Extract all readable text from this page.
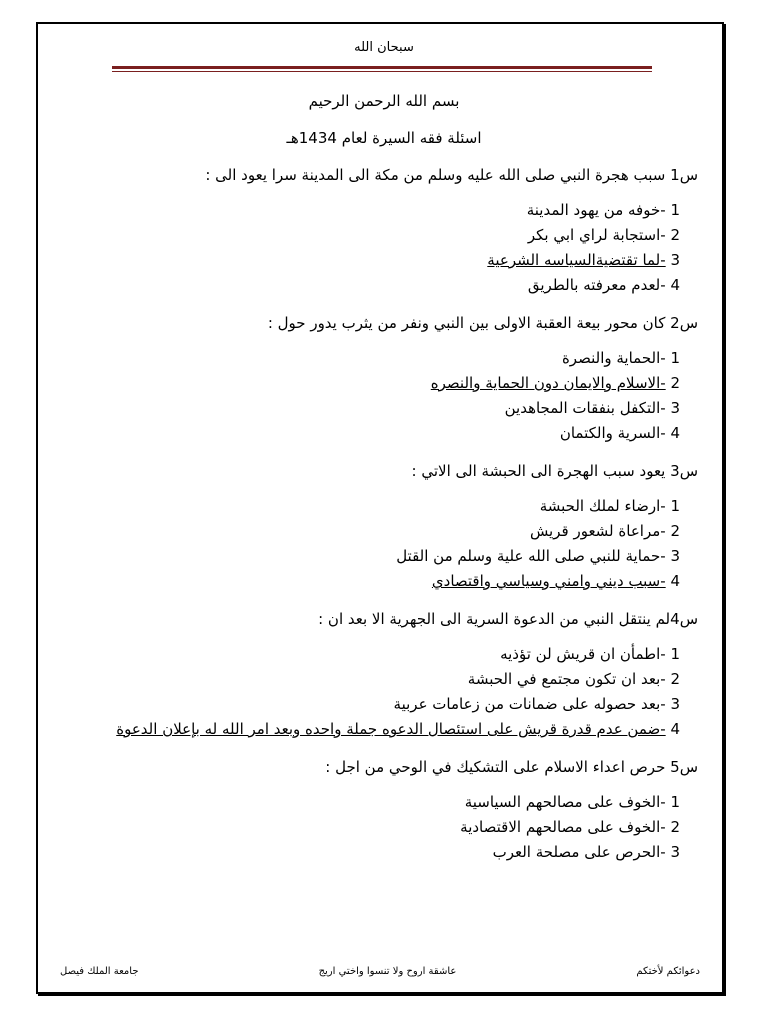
سبحان الله
بسم الله الرحمن الرحيم
اسئلة فقه السيرة لعام 1434هـ
س1 سبب هجرة النبي صلى الله عليه وسلم من مكة الى المدينة سرا يعود الى :
1 -خوفه من يهود المدينة
2 -استجابة لراي ابي بكر
3 -لما تقتضيةالسياسه الشرعية
4 -لعدم معرفته بالطريق
س2 كان محور بيعة العقبة الاولى بين النبي ونفر من يثرب يدور حول :
1 -الحماية والنصرة
2 -الاسلام والايمان دون الحماية والنصره
3 -التكفل بنفقات المجاهدين
4 -السرية والكتمان
س3 يعود سبب الهجرة الى الحبشة الى الاتي :
1 -ارضاء لملك الحبشة
2 -مراعاة لشعور قريش
3 -حماية للنبي صلى الله علية وسلم من القتل
4 -سبب ديني وامني وسياسي واقتصادي
س4لم ينتقل النبي من الدعوة السرية الى الجهرية الا بعد ان :
1 -اطمأن ان قريش لن تؤذيه
2 -بعد ان تكون مجتمع في الحبشة
3 -بعد حصوله على ضمانات من زعامات عربية
4 -ضمن عدم قدرة قريش على استئصال الدعوه جملة واحده وبعد امر الله له بإعلان الدعوة
س5 حرص اعداء الاسلام على التشكيك في الوحي من اجل :
1 -الخوف على مصالحهم السياسية
2 -الخوف على مصالحهم الاقتصادية
3 -الحرص على مصلحة العرب
دعوائكم لأختكم
عاشقة اروح ولا تنسوا واختي اريج
جامعة الملك فيصل
